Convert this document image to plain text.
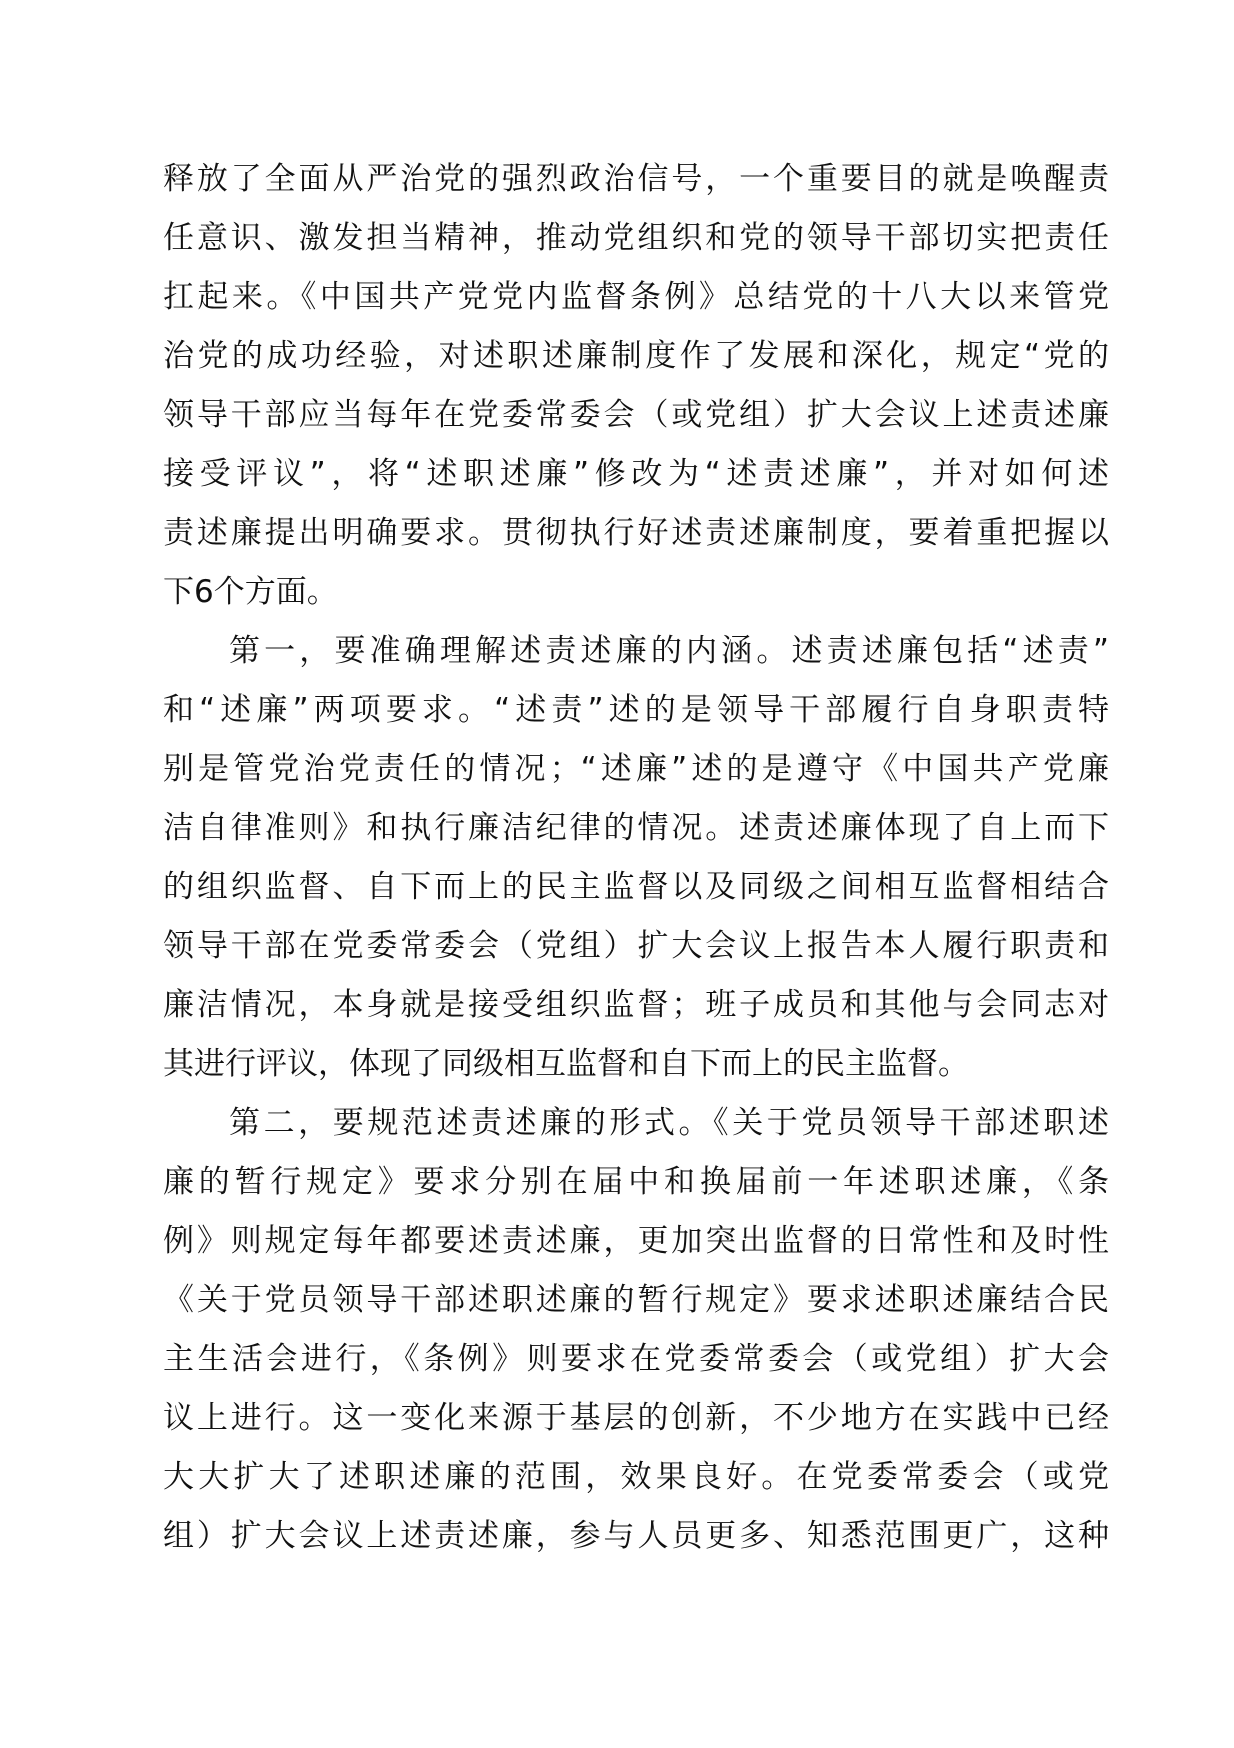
释放了全面从严治党的强烈政治信号，一个重要目的就是唤醒责
任意识、激发担当精神，推动党组织和党的领导干部切实把责任
扛起来。《中国共产党党内监督条例》总结党的十八大以来管党
治党的成功经验，对述职述廉制度作了发展和深化，规定“党的
领导干部应当每年在党委常委会（或党组）扩大会议上述责述廉
接受评议”，将“述职述廉”修改为“述责述廉”，并对如何述
责述廉提出明确要求。贯彻执行好述责述廉制度，要着重把握以
下6个方面。
第一，要准确理解述责述廉的内涵。述责述廉包括“述责”
和“述廉”两项要求。“述责”述的是领导干部履行自身职责特
别是管党治党责任的情况；“述廉”述的是遵守《中国共产党廉
洁自律准则》和执行廉洁纪律的情况。述责述廉体现了自上而下
的组织监督、自下而上的民主监督以及同级之间相互监督相结合
领导干部在党委常委会（党组）扩大会议上报告本人履行职责和
廉洁情况，本身就是接受组织监督；班子成员和其他与会同志对
其进行评议，体现了同级相互监督和自下而上的民主监督。
第二，要规范述责述廉的形式。《关于党员领导干部述职述
廉的暂行规定》要求分别在届中和换届前一年述职述廉，《条
例》则规定每年都要述责述廉，更加突出监督的日常性和及时性
《关于党员领导干部述职述廉的暂行规定》要求述职述廉结合民
主生活会进行，《条例》则要求在党委常委会（或党组）扩大会
议上进行。这一变化来源于基层的创新，不少地方在实践中已经
大大扩大了述职述廉的范围，效果良好。在党委常委会（或党
组）扩大会议上述责述廉，参与人员更多、知悉范围更广，这种
